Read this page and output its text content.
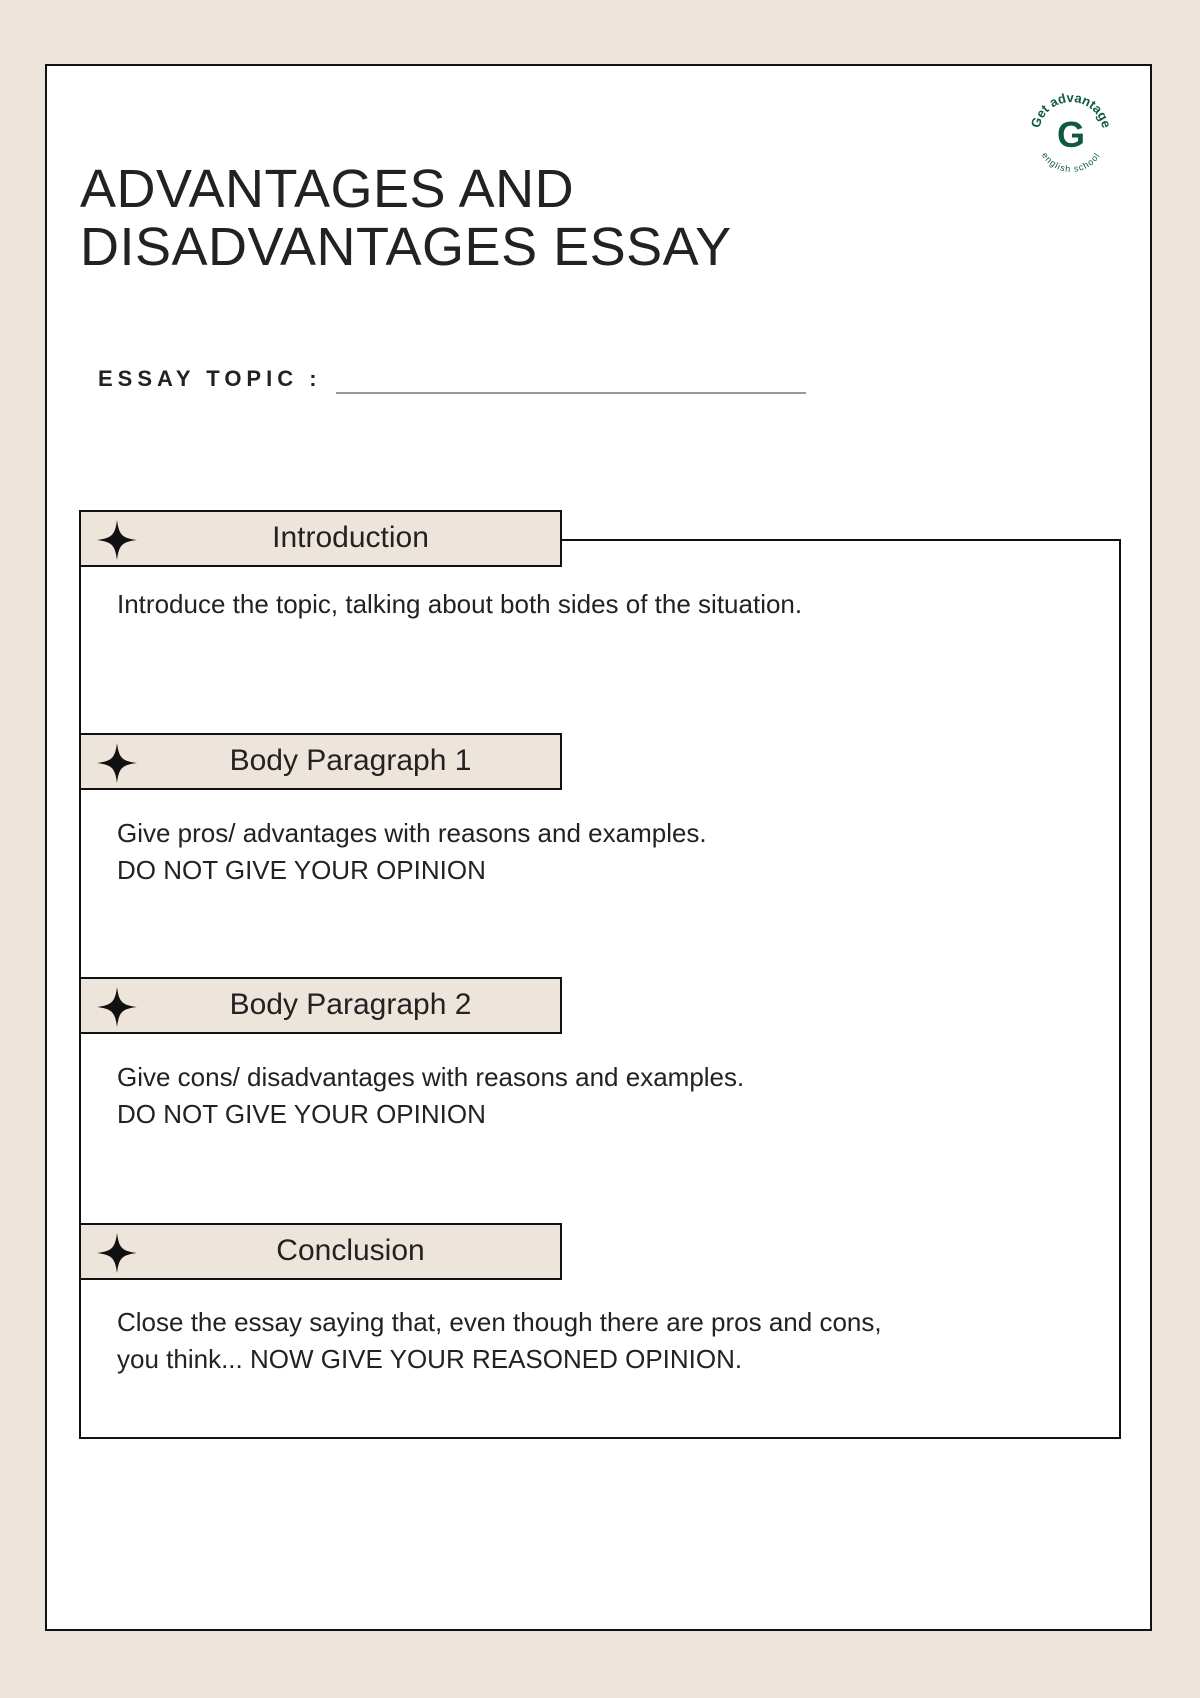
Get advantage
english school
G
ADVANTAGES AND
DISADVANTAGES ESSAY
ESSAY TOPIC :
Introduction

Introduce the topic, talking about both sides of the situation.

Body Paragraph 1

Give pros/ advantages with reasons and examples.

DO NOT GIVE YOUR OPINION

Body Paragraph 2

Give cons/ disadvantages with reasons and examples.

DO NOT GIVE YOUR OPINION

Conclusion

Close the essay saying that, even though there are pros and cons,

you think... NOW GIVE YOUR REASONED OPINION.
